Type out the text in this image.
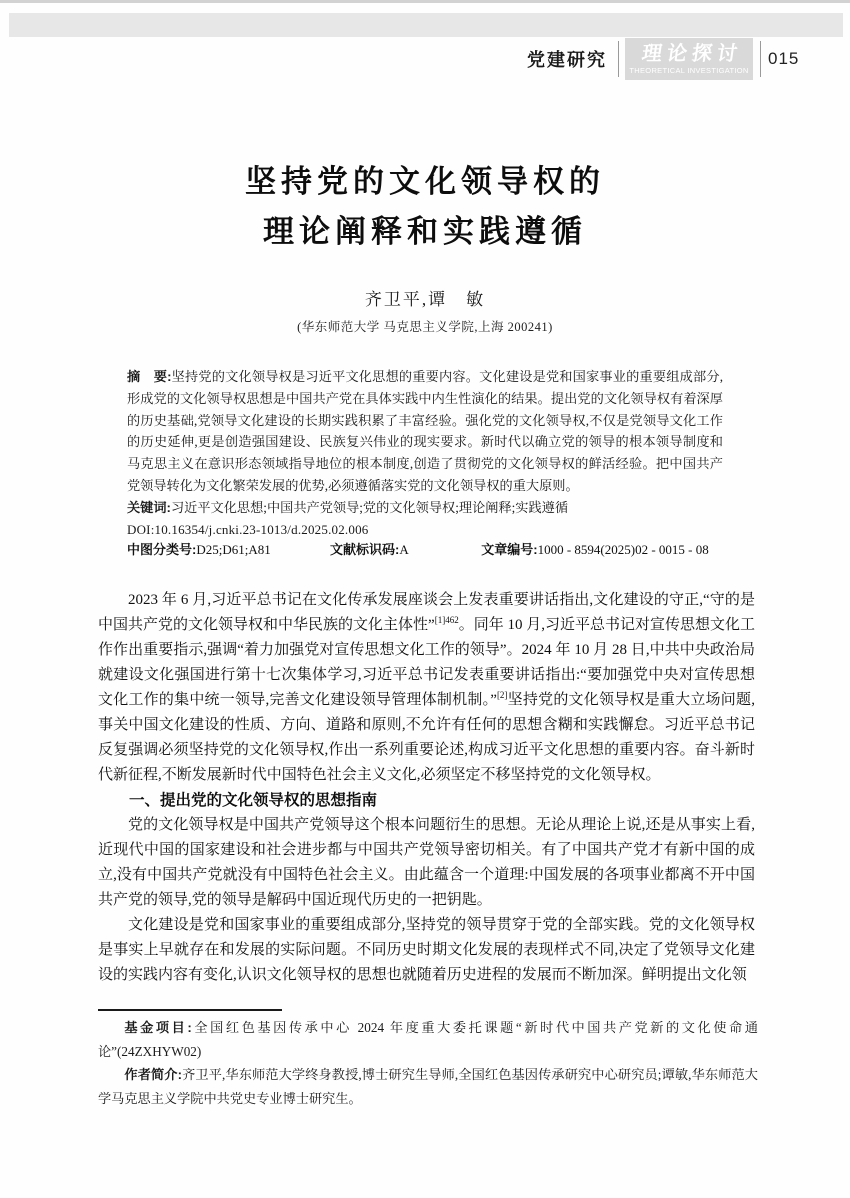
党建研究 理论探讨
THEORETICAL INVESTIGATION
015
坚持党的文化领导权的
理论阐释和实践遵循
齐卫平,谭　敏
(华东师范大学 马克思主义学院,上海 200241)

摘　要:坚持党的文化领导权是习近平文化思想的重要内容。文化建设是党和国家事业的重要组成部分,形成党的文化领导权思想是中国共产党在具体实践中内生性演化的结果。提出党的文化领导权有着深厚的历史基础,党领导文化建设的长期实践积累了丰富经验。强化党的文化领导权,不仅是党领导文化工作的历史延伸,更是创造强国建设、民族复兴伟业的现实要求。新时代以确立党的领导的根本领导制度和马克思主义在意识形态领域指导地位的根本制度,创造了贯彻党的文化领导权的鲜活经验。把中国共产党领导转化为文化繁荣发展的优势,必须遵循落实党的文化领导权的重大原则。

关键词:习近平文化思想;中国共产党领导;党的文化领导权;理论阐释;实践遵循

DOI:10.16354/j.cnki.23-1013/d.2025.02.006

中图分类号:D25;D61;A81	文献标识码:A	文章编号:1000 - 8594(2025)02 - 0015 - 08

2023 年 6 月,习近平总书记在文化传承发展座谈会上发表重要讲话指出,文化建设的守正,“守的是中国共产党的文化领导权和中华民族的文化主体性”$^{[1]462}$。同年 10 月,习近平总书记对宣传思想文化工作作出重要指示,强调“着力加强党对宣传思想文化工作的领导”。2024 年 10 月 28 日,中共中央政治局就建设文化强国进行第十七次集体学习,习近平总书记发表重要讲话指出:“要加强党中央对宣传思想文化工作的集中统一领导,完善文化建设领导管理体制机制。”[2]坚持党的文化领导权是重大立场问题,事关中国文化建设的性质、方向、道路和原则,不允许有任何的思想含糊和实践懈怠。习近平总书记反复强调必须坚持党的文化领导权,作出一系列重要论述,构成习近平文化思想的重要内容。奋斗新时代新征程,不断发展新时代中国特色社会主义文化,必须坚定不移坚持党的文化领导权。

一、提出党的文化领导权的思想指南

党的文化领导权是中国共产党领导这个根本问题衍生的思想。无论从理论上说,还是从事实上看,近现代中国的国家建设和社会进步都与中国共产党领导密切相关。有了中国共产党才有新中国的成立,没有中国共产党就没有中国特色社会主义。由此蕴含一个道理:中国发展的各项事业都离不开中国共产党的领导,党的领导是解码中国近现代历史的一把钥匙。

文化建设是党和国家事业的重要组成部分,坚持党的领导贯穿于党的全部实践。党的文化领导权是事实上早就存在和发展的实际问题。不同历史时期文化发展的表现样式不同,决定了党领导文化建设的实践内容有变化,认识文化领导权的思想也就随着历史进程的发展而不断加深。鲜明提出文化领

基金项目:全国红色基因传承中心 2024 年度重大委托课题“新时代中国共产党新的文化使命通论”(24ZXHYW02)

作者简介:齐卫平,华东师范大学终身教授,博士研究生导师,全国红色基因传承研究中心研究员;谭敏,华东师范大学马克思主义学院中共党史专业博士研究生。
